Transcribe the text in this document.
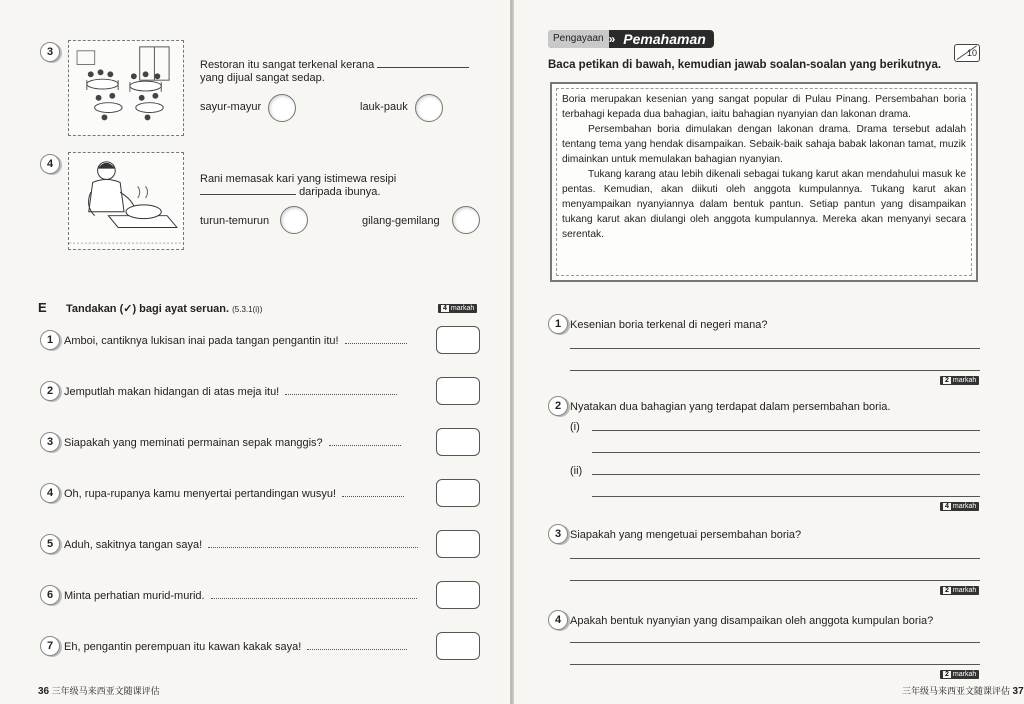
3
Restoran itu sangat terkenal kerana
yang dijual sangat sedap.
sayur-mayur	lauk-pauk
4
Rani memasak kari yang istimewa resipi
daripada ibunya.
turun-temurun	gilang-gemilang
E Tandakan (✓) bagi ayat seruan. (5.3.1(i))	4 markah
1 Amboi, cantiknya lukisan inai pada tangan pengantin itu!
2 Jemputlah makan hidangan di atas meja itu!
3 Siapakah yang meminati permainan sepak manggis?
4 Oh, rupa-rupanya kamu menyertai pertandingan wusyu!
5 Aduh, sakitnya tangan saya!
6 Minta perhatian murid-murid.
7 Eh, pengantin perempuan itu kawan kakak saya!
36 三年级马来西亚文随课评估
Pengayaan » Pemahaman
10
Baca petikan di bawah, kemudian jawab soalan-soalan yang berikutnya.

Boria merupakan kesenian yang sangat popular di Pulau Pinang. Persembahan boria terbahagi kepada dua bahagian, iaitu bahagian nyanyian dan lakonan drama.

Persembahan boria dimulakan dengan lakonan drama. Drama tersebut adalah tentang tema yang hendak disampaikan. Sebaik-baik sahaja babak lakonan tamat, muzik dimainkan untuk memulakan bahagian nyanyian.

Tukang karang atau lebih dikenali sebagai tukang karut akan mendahului masuk ke pentas. Kemudian, akan diikuti oleh anggota kumpulannya. Tukang karut akan menyampaikan nyanyiannya dalam bentuk pantun. Setiap pantun yang disampaikan tukang karut akan diulangi oleh anggota kumpulannya. Mereka akan menyanyi secara serentak.

1 Kesenian boria terkenal di negeri mana?
2 markah
2 Nyatakan dua bahagian yang terdapat dalam persembahan boria.
(i)
(ii)
4 markah
3 Siapakah yang mengetuai persembahan boria?
2 markah
4 Apakah bentuk nyanyian yang disampaikan oleh anggota kumpulan boria?
2 markah
三年级马来西亚文随课评估 37
